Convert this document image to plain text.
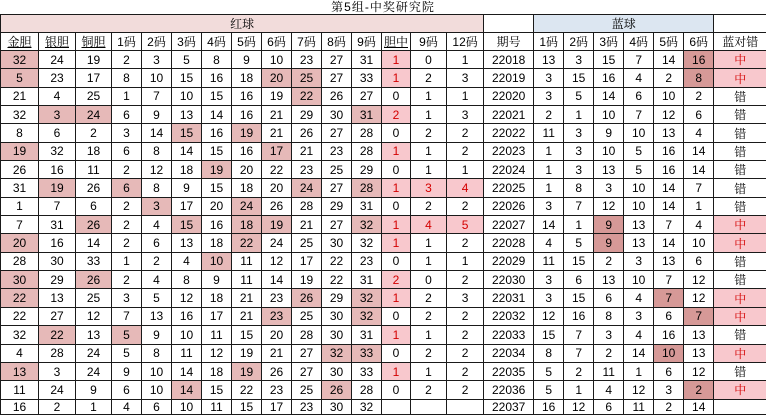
第5组-中奖研究院
红球																蓝球						
金胆	银胆	铜胆	1码	2码	3码	4码	5码	6码	7码	8码	9码	胆中	9码	12码	期号	1码	2码	3码	4码	5码	6码	蓝对错
32	24	19	2	3	5	8	9	10	23	27	31	1	0	1	22018	13	3	15	7	14	16	中
5	23	17	8	10	15	16	18	20	25	27	33	1	2	3	22019	3	15	16	4	2	8	中
21	4	25	1	7	10	15	16	19	22	26	27	0	1	1	22020	3	5	14	6	10	2	错
32	3	24	6	9	13	14	16	21	29	30	31	2	1	3	22021	2	1	10	7	12	6	错
8	6	2	3	14	15	16	19	21	26	27	28	0	2	2	22022	11	3	9	10	13	4	错
19	32	18	6	8	14	15	16	17	21	23	28	1	1	2	22023	1	3	10	5	16	14	错
26	16	11	2	12	18	19	20	22	23	25	29	0	1	1	22024	1	3	13	5	16	14	错
31	19	26	6	8	9	15	18	20	24	27	28	1	3	4	22025	1	8	3	10	14	7	错
1	7	6	2	3	17	20	24	26	28	29	31	0	2	2	22026	3	7	12	10	14	1	错
7	31	26	2	4	15	16	18	19	21	27	32	1	4	5	22027	14	1	9	13	7	4	中
20	16	14	2	6	13	18	22	24	25	30	32	1	1	2	22028	4	5	9	13	14	10	中
28	30	33	1	2	4	10	11	12	17	22	23	0	1	1	22029	11	15	2	3	13	6	错
30	29	26	2	4	8	9	11	14	19	22	31	2	0	2	22030	3	6	13	10	7	12	错
22	13	25	3	5	12	18	21	23	26	29	32	1	2	3	22031	3	15	6	4	7	12	中
22	27	12	7	13	16	17	21	23	25	30	32	0	2	2	22032	12	16	8	3	6	7	中
32	22	13	5	9	10	11	15	20	28	30	31	1	1	2	22033	15	7	3	4	16	13	错
4	28	24	5	8	11	12	19	21	27	32	33	0	2	2	22034	8	7	2	14	10	13	中
13	3	24	9	10	14	18	19	26	27	30	33	1	1	2	22035	5	2	11	1	6	12	错
11	24	9	6	10	14	15	22	23	25	26	28	0	2	2	22036	5	1	4	12	3	2	中
16	2	1	4	6	10	11	15	17	23	30	32				22037	16	12	6	11	2	14	
